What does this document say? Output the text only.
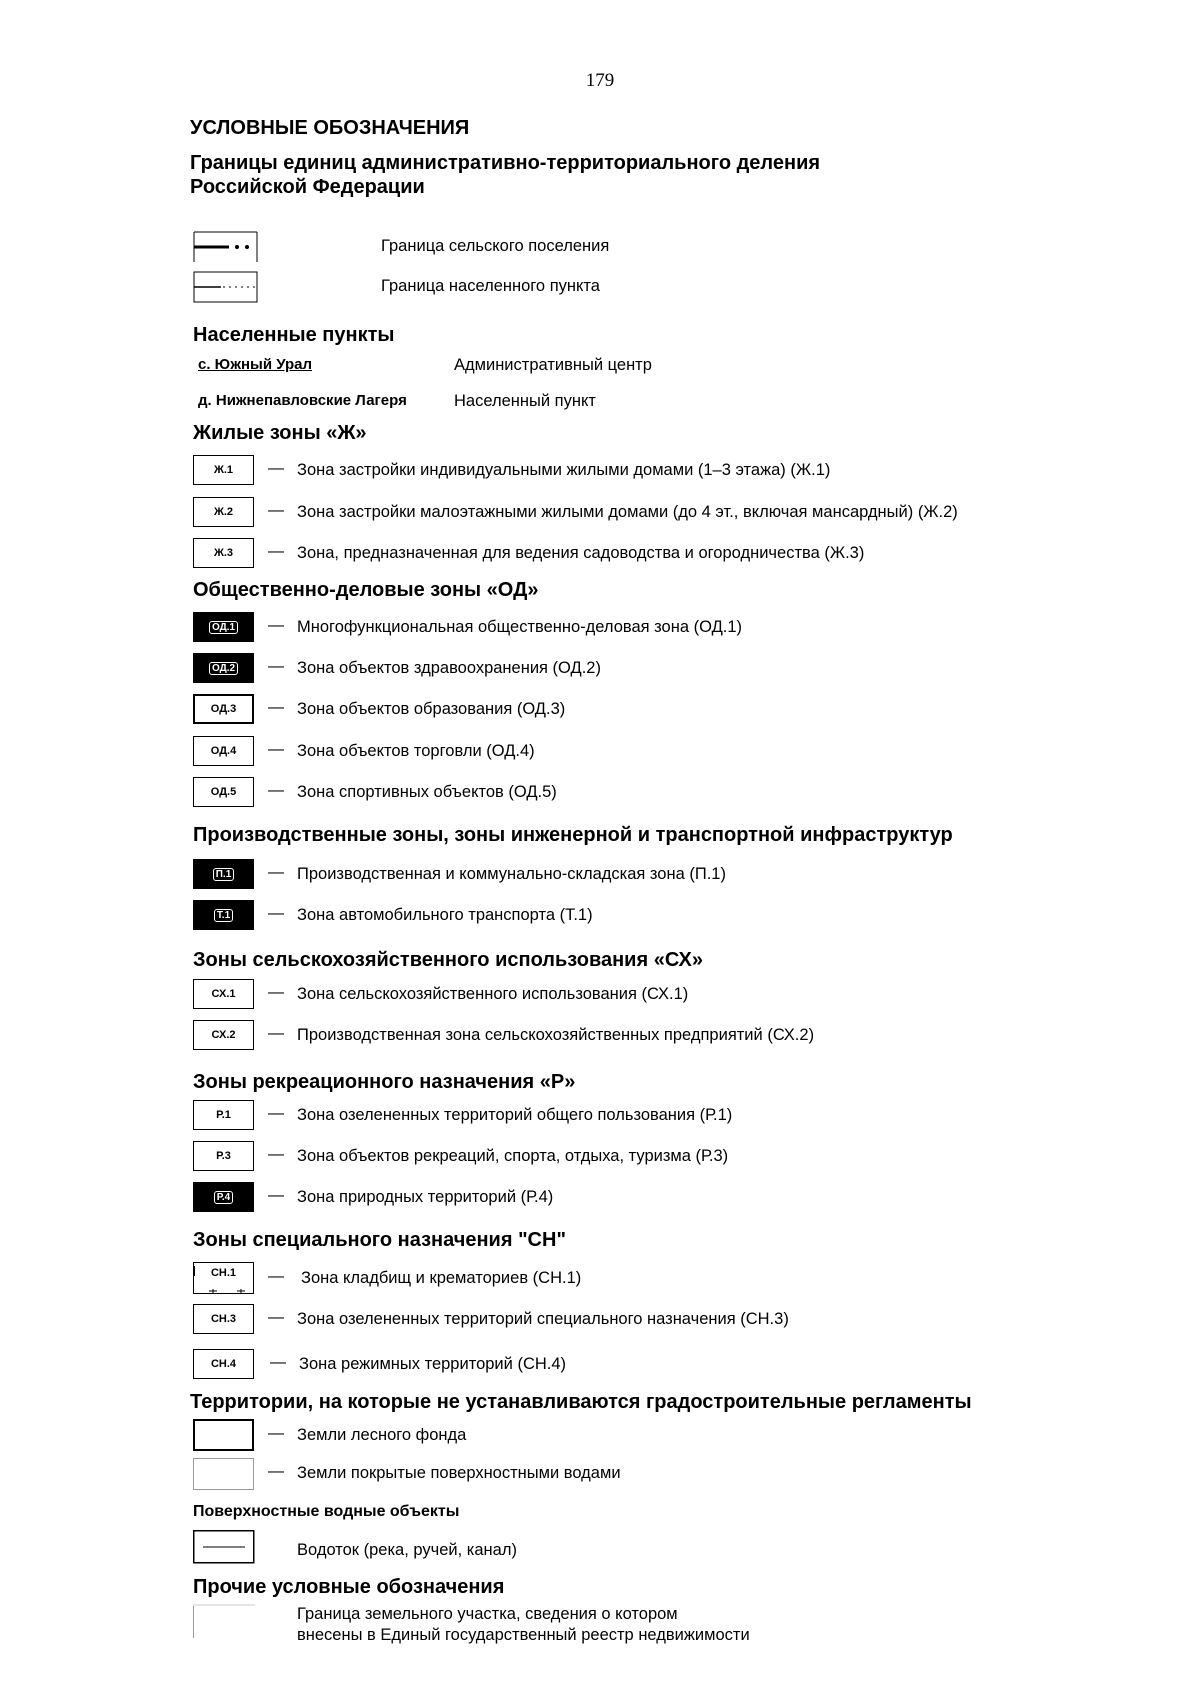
179
УСЛОВНЫЕ ОБОЗНАЧЕНИЯ
Границы единиц административно-территориального деления Российской Федерации
Граница сельского поселения
Граница населенного пункта
Населенные пункты
с. Южный Урал	Административный центр
д. Нижнепавловские Лагеря	Населенный пункт
Жилые зоны «Ж»
Ж.1	— Зона застройки индивидуальными жилыми домами (1–3 этажа) (Ж.1)
Ж.2	— Зона застройки малоэтажными жилыми домами (до 4 эт., включая мансардный) (Ж.2)
Ж.3	— Зона, предназначенная для ведения садоводства и огородничества (Ж.3)
Общественно-деловые зоны «ОД»
ОД.1 — Многофункциональная общественно-деловая зона (ОД.1)
ОД.2 — Зона объектов здравоохранения (ОД.2)
ОД.3	— Зона объектов образования (ОД.3)
ОД.4	— Зона объектов торговли (ОД.4)
ОД.5	— Зона спортивных объектов (ОД.5)
Производственные зоны, зоны инженерной и транспортной инфраструктур
П.1 — Производственная и коммунально-складская зона (П.1)
Т.1 — Зона автомобильного транспорта (Т.1)
Зоны сельскохозяйственного использования «СХ»
СХ.1	— Зона сельскохозяйственного использования (СХ.1)
СХ.2	— Производственная зона сельскохозяйственных предприятий (СХ.2)
Зоны рекреационного назначения «Р»
Р.1	— Зона озелененных территорий общего пользования (Р.1)
Р.3	— Зона объектов рекреаций, спорта, отдыха, туризма (Р.3)
Р.4 — Зона природных территорий (Р.4)
Зоны специального назначения "СН"
СН.1	— Зона кладбищ и крематориев (СН.1)
СН.3	— Зона озелененных территорий специального назначения (СН.3)
СН.4	— Зона режимных территорий (СН.4)
Территории, на которые не устанавливаются градостроительные регламенты
— Земли лесного фонда
— Земли покрытые поверхностными водами
Поверхностные водные объекты
Водоток (река, ручей, канал)
Прочие условные обозначения
Граница земельного участка, сведения о котором
внесены в Единый государственный реестр недвижимости
